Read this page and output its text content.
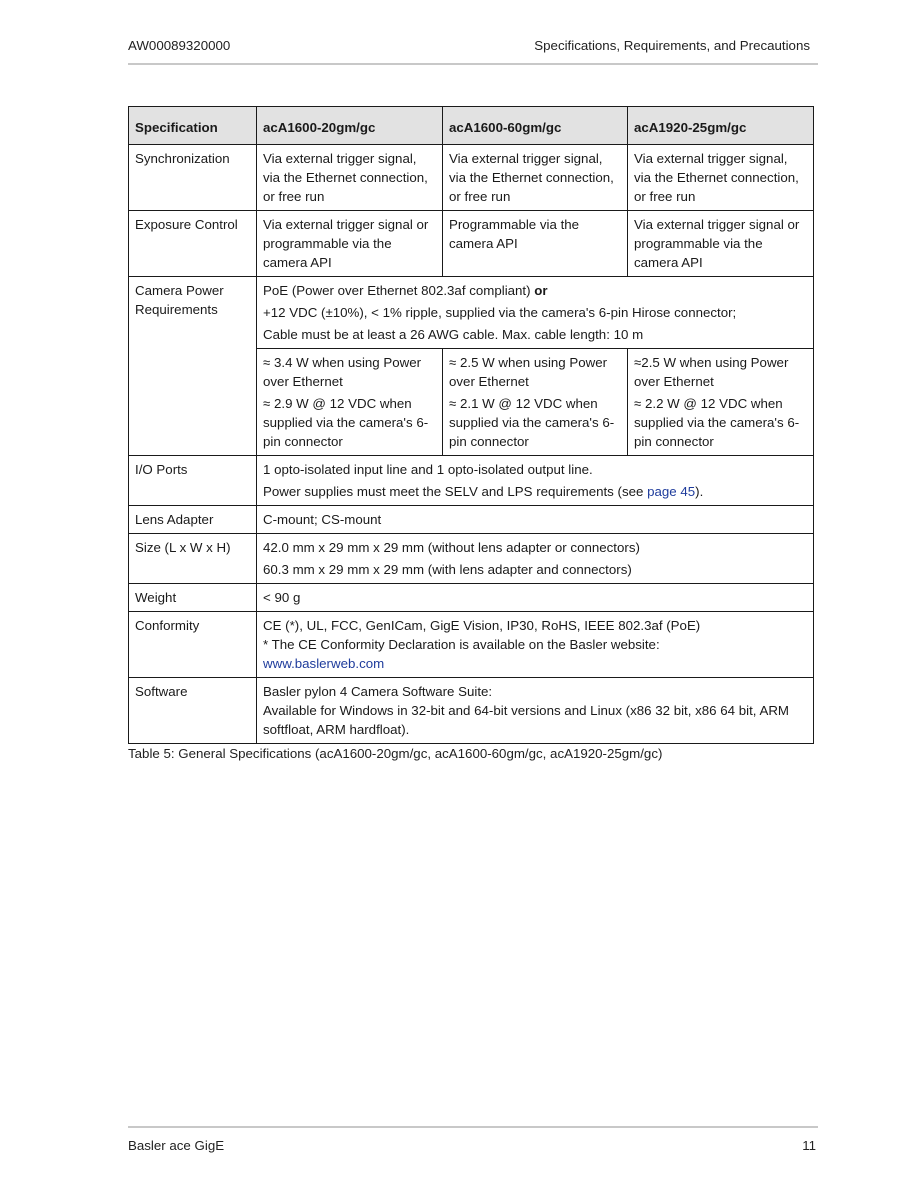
AW00089320000	Specifications, Requirements, and Precautions
Specification	acA1600-20gm/gc	acA1600-60gm/gc	acA1920-25gm/gc
Synchronization	Via external trigger signal,
via the Ethernet connection,
or free run	Via external trigger signal,
via the Ethernet connection,
or free run	Via external trigger signal,
via the Ethernet connection,
or free run

Exposure Control	Via external trigger signal or
programmable via the
camera API	Programmable via the
camera API	Via external trigger signal or
programmable via the
camera API

Camera Power
Requirements	PoE (Power over Ethernet 802.3af compliant) or
+12 VDC (±10%), < 1% ripple, supplied via the camera's 6-pin Hirose connector;
Cable must be at least a 26 AWG cable. Max. cable length: 10 m		

	≈ 3.4 W when using Power
over Ethernet
≈ 2.9 W @ 12 VDC when
supplied via the camera's 6-
pin connector	≈ 2.5 W when using Power
over Ethernet
≈ 2.1 W @ 12 VDC when
supplied via the camera's 6-
pin connector	≈2.5 W when using Power
over Ethernet
≈ 2.2 W @ 12 VDC when
supplied via the camera's 6-
pin connector

I/O Ports	1 opto-isolated input line and 1 opto-isolated output line.
Power supplies must meet the SELV and LPS requirements (see page 45).		

Lens Adapter	C-mount; CS-mount		
Size (L x W x H)	42.0 mm x 29 mm x 29 mm (without lens adapter or connectors)
60.3 mm x 29 mm x 29 mm (with lens adapter and connectors)		

Weight	< 90 g		
Conformity	CE (*), UL, FCC, GenICam, GigE Vision, IP30, RoHS, IEEE 802.3af (PoE)
* The CE Conformity Declaration is available on the Basler website:
www.baslerweb.com		

Software	Basler pylon 4 Camera Software Suite:
Available for Windows in 32-bit and 64-bit versions and Linux (x86 32 bit, x86 64 bit, ARM softfloat, ARM hardfloat).		
Table 5: General Specifications (acA1600-20gm/gc, acA1600-60gm/gc, acA1920-25gm/gc)
Basler ace GigE	11
